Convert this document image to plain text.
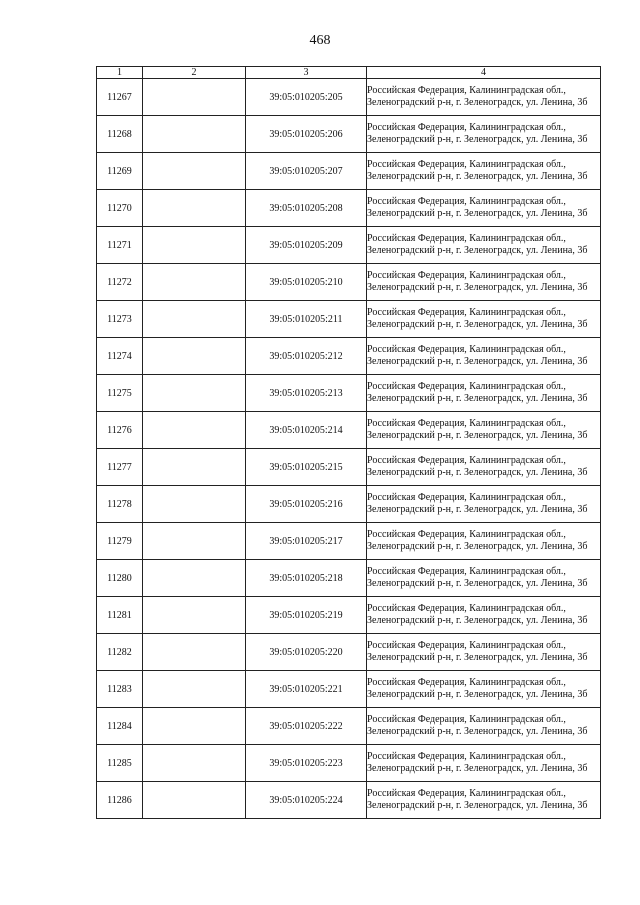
468
1	2	3	4
11267		39:05:010205:205	Российская Федерация, Калининградская обл., Зеленоградский р-н, г. Зеленоградск, ул. Ленина, 3б
11268		39:05:010205:206	Российская Федерация, Калининградская обл., Зеленоградский р-н, г. Зеленоградск, ул. Ленина, 3б
11269		39:05:010205:207	Российская Федерация, Калининградская обл., Зеленоградский р-н, г. Зеленоградск, ул. Ленина, 3б
11270		39:05:010205:208	Российская Федерация, Калининградская обл., Зеленоградский р-н, г. Зеленоградск, ул. Ленина, 3б
11271		39:05:010205:209	Российская Федерация, Калининградская обл., Зеленоградский р-н, г. Зеленоградск, ул. Ленина, 3б
11272		39:05:010205:210	Российская Федерация, Калининградская обл., Зеленоградский р-н, г. Зеленоградск, ул. Ленина, 3б
11273		39:05:010205:211	Российская Федерация, Калининградская обл., Зеленоградский р-н, г. Зеленоградск, ул. Ленина, 3б
11274		39:05:010205:212	Российская Федерация, Калининградская обл., Зеленоградский р-н, г. Зеленоградск, ул. Ленина, 3б
11275		39:05:010205:213	Российская Федерация, Калининградская обл., Зеленоградский р-н, г. Зеленоградск, ул. Ленина, 3б
11276		39:05:010205:214	Российская Федерация, Калининградская обл., Зеленоградский р-н, г. Зеленоградск, ул. Ленина, 3б
11277		39:05:010205:215	Российская Федерация, Калининградская обл., Зеленоградский р-н, г. Зеленоградск, ул. Ленина, 3б
11278		39:05:010205:216	Российская Федерация, Калининградская обл., Зеленоградский р-н, г. Зеленоградск, ул. Ленина, 3б
11279		39:05:010205:217	Российская Федерация, Калининградская обл., Зеленоградский р-н, г. Зеленоградск, ул. Ленина, 3б
11280		39:05:010205:218	Российская Федерация, Калининградская обл., Зеленоградский р-н, г. Зеленоградск, ул. Ленина, 3б
11281		39:05:010205:219	Российская Федерация, Калининградская обл., Зеленоградский р-н, г. Зеленоградск, ул. Ленина, 3б
11282		39:05:010205:220	Российская Федерация, Калининградская обл., Зеленоградский р-н, г. Зеленоградск, ул. Ленина, 3б
11283		39:05:010205:221	Российская Федерация, Калининградская обл., Зеленоградский р-н, г. Зеленоградск, ул. Ленина, 3б
11284		39:05:010205:222	Российская Федерация, Калининградская обл., Зеленоградский р-н, г. Зеленоградск, ул. Ленина, 3б
11285		39:05:010205:223	Российская Федерация, Калининградская обл., Зеленоградский р-н, г. Зеленоградск, ул. Ленина, 3б
11286		39:05:010205:224	Российская Федерация, Калининградская обл., Зеленоградский р-н, г. Зеленоградск, ул. Ленина, 3б
